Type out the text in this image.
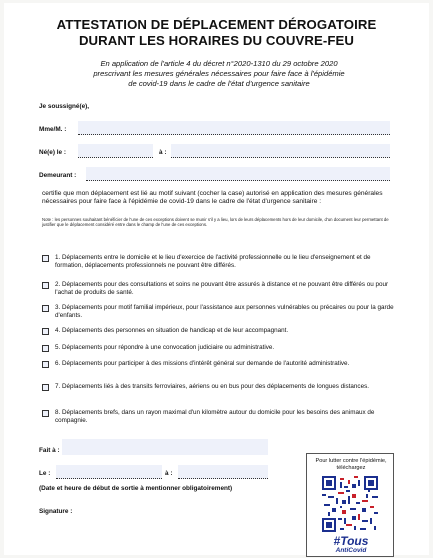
ATTESTATION DE DÉPLACEMENT DÉROGATOIRE
DURANT LES HORAIRES DU COUVRE-FEU
En application de l'article 4 du décret n°2020-1310 du 29 octobre 2020
prescrivant les mesures générales nécessaires pour faire face à l'épidémie
de covid-19 dans le cadre de l'état d'urgence sanitaire
Je soussigné(e),
Mme/M. :
Né(e) le :	à :
Demeurant :
certifie que mon déplacement est lié au motif suivant (cocher la case) autorisé en application des mesures générales nécessaires pour faire face à l'épidémie de covid-19 dans le cadre de l'état d'urgence sanitaire :
Note : les personnes souhaitant bénéficier de l'une de ces exceptions doivent se munir s'il y a lieu, lors de leurs déplacements hors de leur domicile, d'un document leur permettant de justifier que le déplacement considéré entre dans le champ de l'une de ces exceptions.
1. Déplacements entre le domicile et le lieu d'exercice de l'activité professionnelle ou le lieu d'enseignement et de formation, déplacements professionnels ne pouvant être différés.
2. Déplacements pour des consultations et soins ne pouvant être assurés à distance et ne pouvant être différés ou pour l'achat de produits de santé.
3. Déplacements pour motif familial impérieux, pour l'assistance aux personnes vulnérables ou précaires ou pour la garde d'enfants.
4. Déplacements des personnes en situation de handicap et de leur accompagnant.
5. Déplacements pour répondre à une convocation judiciaire ou administrative.
6. Déplacements pour participer à des missions d'intérêt général sur demande de l'autorité administrative.
7. Déplacements liés à des transits ferroviaires, aériens ou en bus pour des déplacements de longues distances.
8. Déplacements brefs, dans un rayon maximal d'un kilomètre autour du domicile pour les besoins des animaux de compagnie.
Fait à :
Le :	à :
(Date et heure de début de sortie à mentionner obligatoirement)
Signature :
Pour lutter contre l'épidémie, téléchargez
#Tous
AntiCovid
